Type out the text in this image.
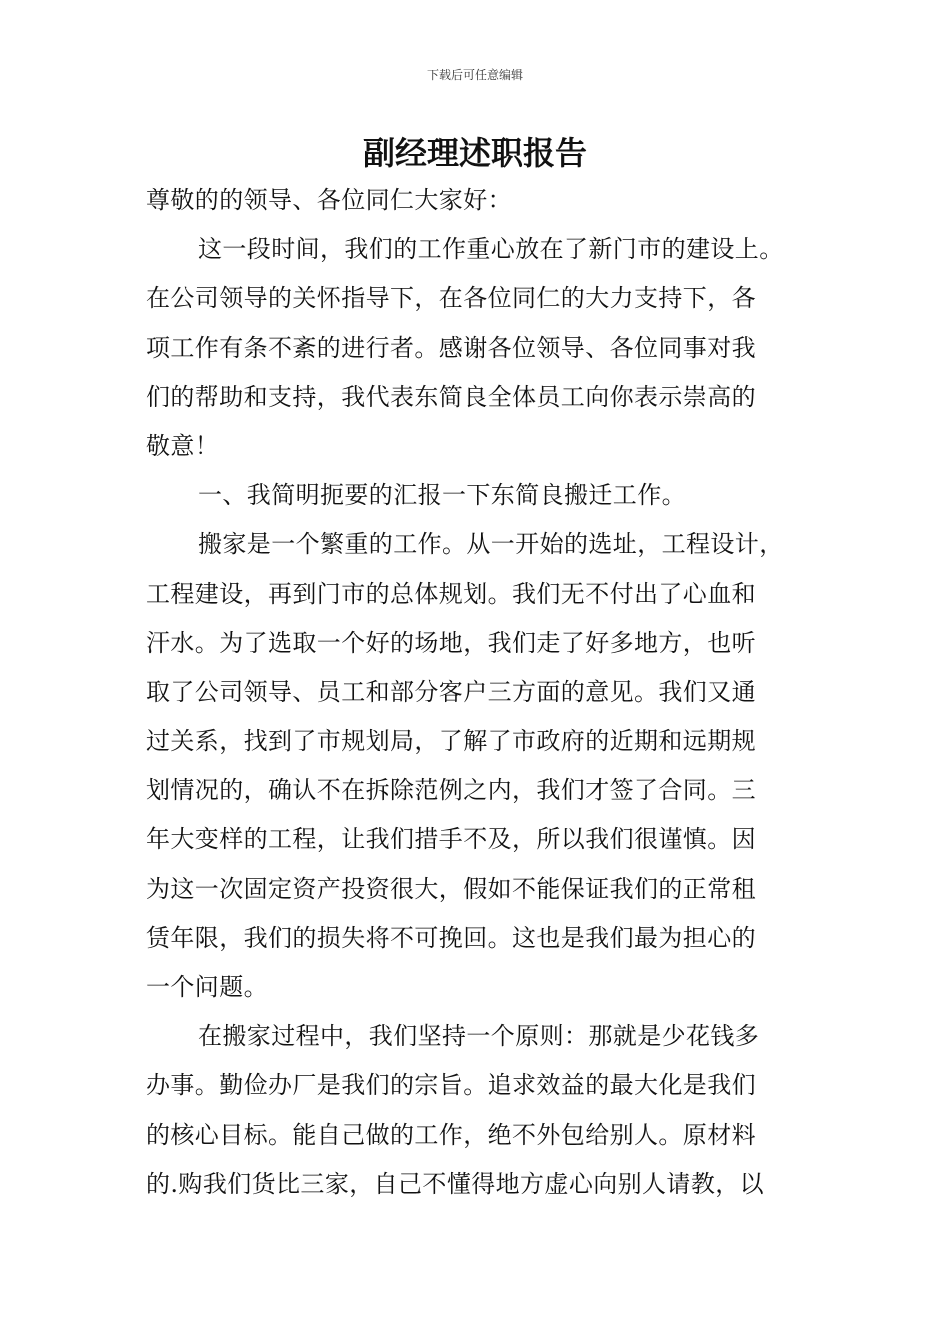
下载后可任意编辑
副经理述职报告
尊敬的的领导、各位同仁大家好：
这一段时间，我们的工作重心放在了新门市的建设上。
在公司领导的关怀指导下，在各位同仁的大力支持下，各
项工作有条不紊的进行者。感谢各位领导、各位同事对我
们的帮助和支持，我代表东简良全体员工向你表示崇高的
敬意！
一、我简明扼要的汇报一下东简良搬迁工作。
搬家是一个繁重的工作。从一开始的选址，工程设计，
工程建设，再到门市的总体规划。我们无不付出了心血和
汗水。为了选取一个好的场地，我们走了好多地方，也听
取了公司领导、员工和部分客户三方面的意见。我们又通
过关系，找到了市规划局，了解了市政府的近期和远期规
划情况的，确认不在拆除范例之内，我们才签了合同。三
年大变样的工程，让我们措手不及，所以我们很谨慎。因
为这一次固定资产投资很大，假如不能保证我们的正常租
赁年限，我们的损失将不可挽回。这也是我们最为担心的
一个问题。
在搬家过程中，我们坚持一个原则：那就是少花钱多
办事。勤俭办厂是我们的宗旨。追求效益的最大化是我们
的核心目标。能自己做的工作，绝不外包给别人。原材料
的.购我们货比三家，自己不懂得地方虚心向别人请教，以
